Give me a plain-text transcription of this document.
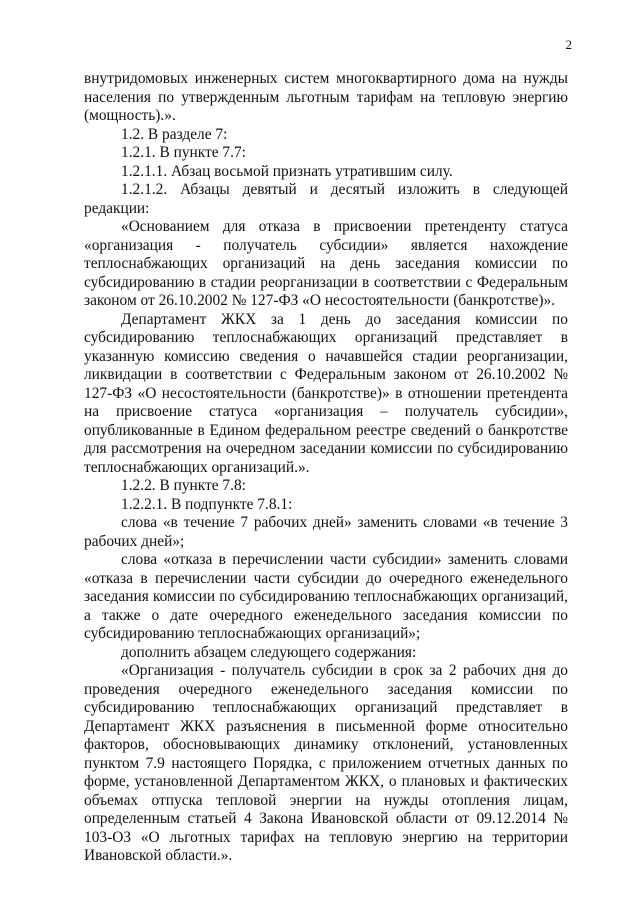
2

внутридомовых инженерных систем многоквартирного дома на нужды населения по утвержденным льготным тарифам на тепловую энергию (мощность).».

1.2. В разделе 7:

1.2.1. В пункте 7.7:

1.2.1.1. Абзац восьмой признать утратившим силу.

1.2.1.2. Абзацы девятый и десятый изложить в следующей редакции:

«Основанием для отказа в присвоении претенденту статуса «организация - получатель субсидии» является нахождение теплоснабжающих организаций на день заседания комиссии по субсидированию в стадии реорганизации в соответствии с Федеральным законом от 26.10.2002 № 127-ФЗ «О несостоятельности (банкротстве)».

Департамент ЖКХ за 1 день до заседания комиссии по субсидированию теплоснабжающих организаций представляет в указанную комиссию сведения о начавшейся стадии реорганизации, ликвидации в соответствии с Федеральным законом от 26.10.2002 № 127-ФЗ «О несостоятельности (банкротстве)» в отношении претендента на присвоение статуса «организация – получатель субсидии», опубликованные в Едином федеральном реестре сведений о банкротстве для рассмотрения на очередном заседании комиссии по субсидированию теплоснабжающих организаций.».

1.2.2. В пункте 7.8:

1.2.2.1. В подпункте 7.8.1:

слова «в течение 7 рабочих дней» заменить словами «в течение 3 рабочих дней»;

слова «отказа в перечислении части субсидии» заменить словами «отказа в перечислении части субсидии до очередного еженедельного заседания комиссии по субсидированию теплоснабжающих организаций, а также о дате очередного еженедельного заседания комиссии по субсидированию теплоснабжающих организаций»;

дополнить абзацем следующего содержания:

«Организация - получатель субсидии в срок за 2 рабочих дня до проведения очередного еженедельного заседания комиссии по субсидированию теплоснабжающих организаций представляет в Департамент ЖКХ разъяснения в письменной форме относительно факторов, обосновывающих динамику отклонений, установленных пунктом 7.9 настоящего Порядка, с приложением отчетных данных по форме, установленной Департаментом ЖКХ, о плановых и фактических объемах отпуска тепловой энергии на нужды отопления лицам, определенным статьей 4 Закона Ивановской области от 09.12.2014 № 103-ОЗ «О льготных тарифах на тепловую энергию на территории Ивановской области.».
